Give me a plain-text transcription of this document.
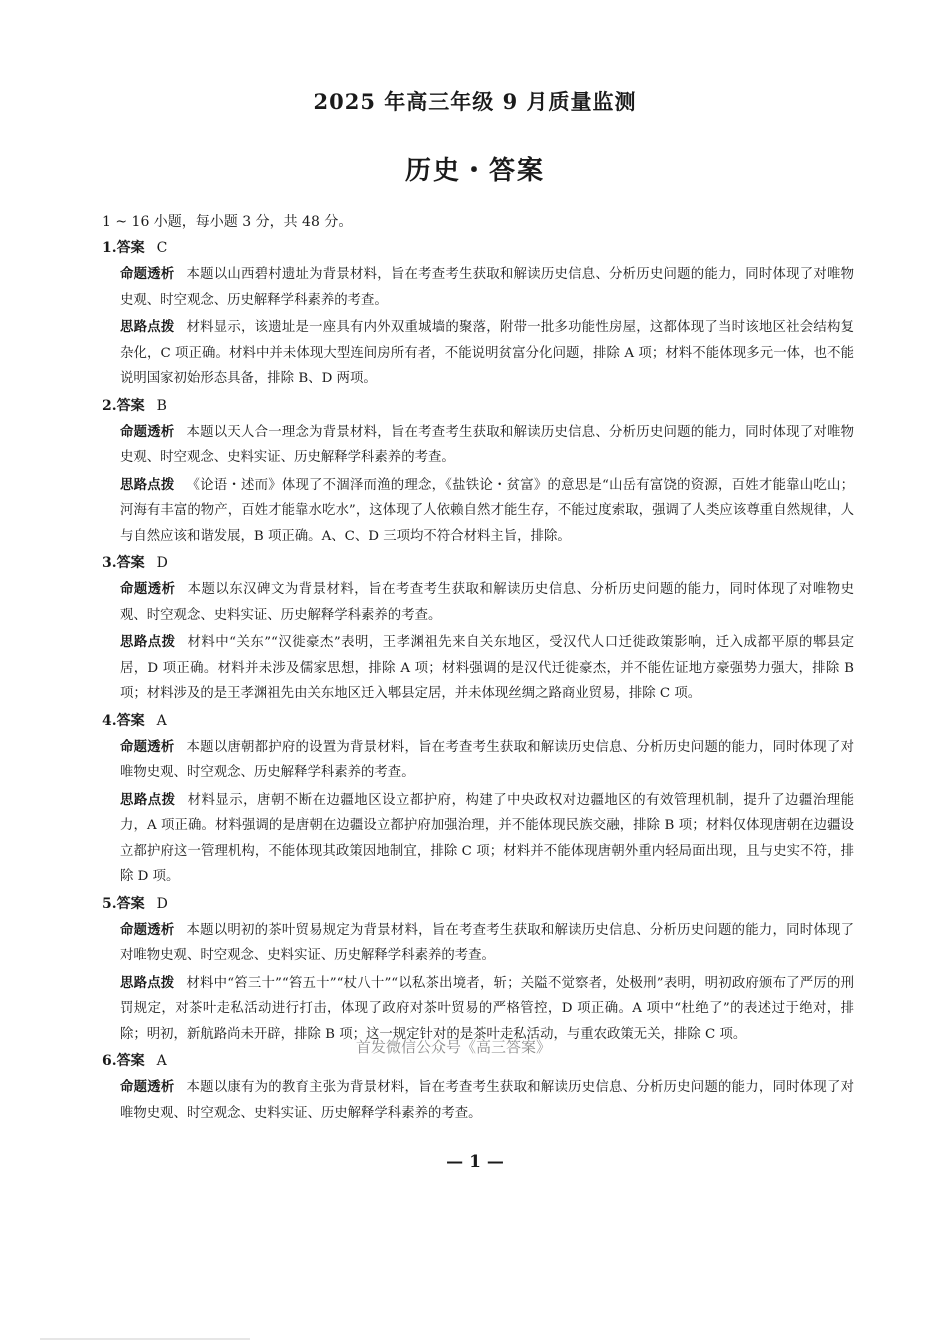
2025 年高三年级 9 月质量监测
历史・答案

1 ~ 16 小题，每小题 3 分，共 48 分。

1.答案 C

命题透析 本题以山西碧村遗址为背景材料，旨在考查考生获取和解读历史信息、分析历史问题的能力，同时体现了对唯物史观、时空观念、历史解释学科素养的考查。

思路点拨 材料显示，该遗址是一座具有内外双重城墙的聚落，附带一批多功能性房屋，这都体现了当时该地区社会结构复杂化，C 项正确。材料中并未体现大型连间房所有者，不能说明贫富分化问题，排除 A 项；材料不能体现多元一体，也不能说明国家初始形态具备，排除 B、D 两项。

2.答案 B

命题透析 本题以天人合一理念为背景材料，旨在考查考生获取和解读历史信息、分析历史问题的能力，同时体现了对唯物史观、时空观念、史料实证、历史解释学科素养的考查。

思路点拨 《论语・述而》体现了不涸泽而渔的理念，《盐铁论・贫富》的意思是“山岳有富饶的资源，百姓才能靠山吃山；河海有丰富的物产，百姓才能靠水吃水”，这体现了人依赖自然才能生存，不能过度索取，强调了人类应该尊重自然规律，人与自然应该和谐发展，B 项正确。A、C、D 三项均不符合材料主旨，排除。

3.答案 D

命题透析 本题以东汉碑文为背景材料，旨在考查考生获取和解读历史信息、分析历史问题的能力，同时体现了对唯物史观、时空观念、史料实证、历史解释学科素养的考查。

思路点拨 材料中“关东”“汉徙豪杰”表明，王孝渊祖先来自关东地区，受汉代人口迁徙政策影响，迁入成都平原的郫县定居，D 项正确。材料并未涉及儒家思想，排除 A 项；材料强调的是汉代迁徙豪杰，并不能佐证地方豪强势力强大，排除 B 项；材料涉及的是王孝渊祖先由关东地区迁入郫县定居，并未体现丝绸之路商业贸易，排除 C 项。

4.答案 A

命题透析 本题以唐朝都护府的设置为背景材料，旨在考查考生获取和解读历史信息、分析历史问题的能力，同时体现了对唯物史观、时空观念、历史解释学科素养的考查。

思路点拨 材料显示，唐朝不断在边疆地区设立都护府，构建了中央政权对边疆地区的有效管理机制，提升了边疆治理能力，A 项正确。材料强调的是唐朝在边疆设立都护府加强治理，并不能体现民族交融，排除 B 项；材料仅体现唐朝在边疆设立都护府这一管理机构，不能体现其政策因地制宜，排除 C 项；材料并不能体现唐朝外重内轻局面出现，且与史实不符，排除 D 项。

5.答案 D

命题透析 本题以明初的茶叶贸易规定为背景材料，旨在考查考生获取和解读历史信息、分析历史问题的能力，同时体现了对唯物史观、时空观念、史料实证、历史解释学科素养的考查。

思路点拨 材料中“笞三十”“笞五十”“杖八十”“以私茶出境者，斩；关隘不觉察者，处极刑”表明，明初政府颁布了严厉的刑罚规定，对茶叶走私活动进行打击，体现了政府对茶叶贸易的严格管控，D 项正确。A 项中“杜绝了”的表述过于绝对，排除；明初，新航路尚未开辟，排除 B 项；这一规定针对的是茶叶走私活动，与重农政策无关，排除 C 项。

6.答案 A

命题透析 本题以康有为的教育主张为背景材料，旨在考查考生获取和解读历史信息、分析历史问题的能力，同时体现了对唯物史观、时空观念、史料实证、历史解释学科素养的考查。

首发微信公众号《高三答案》
— 1 —
